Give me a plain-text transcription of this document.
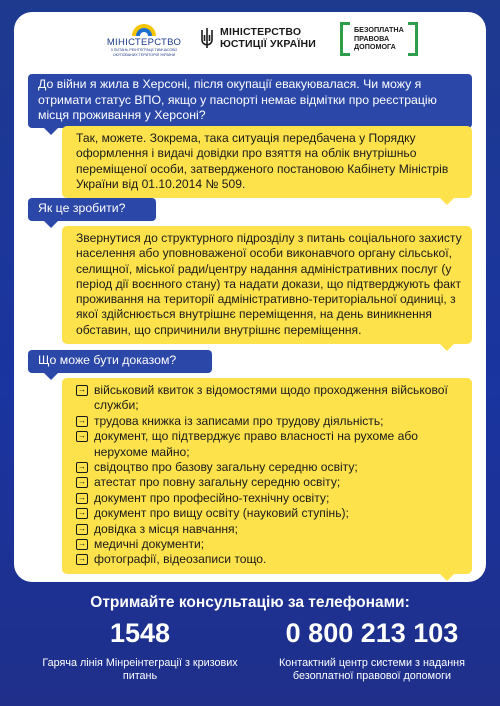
МІНІСТЕРСТВО
З ПИТАНЬ РЕІНТЕГРАЦІЇ ТИМЧАСОВО ОКУПОВАНИХ ТЕРИТОРІЙ УКРАЇНИ
МІНІСТЕРСТВО
ЮСТИЦІЇ УКРАЇНИ
БЕЗОПЛАТНА
ПРАВОВА
ДОПОМОГА
До війни я жила в Херсоні, після окупації евакуювалася. Чи можу я отримати статус ВПО, якщо у паспорті немає відмітки про реєстрацію місця проживання у Херсоні?
Так, можете. Зокрема, така ситуація передбачена у Порядку оформлення і видачі довідки про взяття на облік внутрішньо переміщеної особи, затвердженого постановою Кабінету Міністрів України від 01.10.2014 № 509.
Як це зробити?
Звернутися до структурного підрозділу з питань соціального захисту населення або уповноваженої особи виконавчого органу сільської, селищної, міської ради/центру надання адміністративних послуг (у період дії воєнного стану) та надати докази, що підтверджують факт проживання на території адміністративно-територіальної одиниці, з якої здійснюється внутрішнє переміщення, на день виникнення обставин, що спричинили внутрішнє переміщення.
Що може бути доказом?
→ військовий квиток з відомостями щодо проходження військової служби;
→ трудова книжка із записами про трудову діяльність;
→ документ, що підтверджує право власності на рухоме або нерухоме майно;
→ свідоцтво про базову загальну середню освіту;
→ атестат про повну загальну середню освіту;
→ документ про професійно-технічну освіту;
→ документ про вищу освіту (науковий ступінь);
→ довідка з місця навчання;
→ медичні документи;
→ фотографії, відеозаписи тощо.
Отримайте консультацію за телефонами:
1548	0 800 213 103
Гаряча лінія Мінреінтеграції з кризових питань
Контактний центр системи з надання безоплатної правової допомоги
